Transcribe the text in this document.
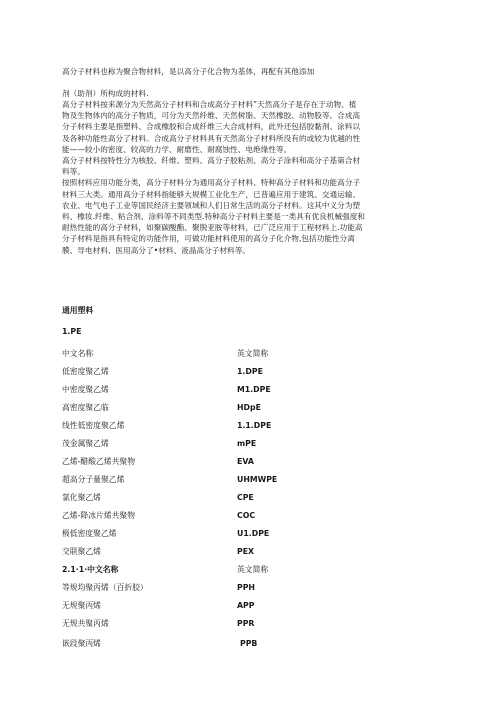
高分子材料也称为聚合物材料，是以高分子化合物为基体，再配有其他添加
剂（助剂）所构成的材料.

高分子材料按来源分为天然高分子材料和合成高分子材料”天然高分子是存在于动物、植
物及生物体内的高分子物质，可分为天然纤维、天然树脂、天然橡胶、动物股等。合成高
分子材料主要是指塑料、合成橡胶和合成纤维三大合成材料，此外还包括胶黏剂、涂料以
及各种功能性高分了材料。合成高分子材料具有天然高分子材料所没有的或较为优越的性
能——较小的密度、较高的力学、耐磨性、耐腐蚀性、电绝缘性等。
高分子材料按特性分为核胶、纤维、塑料、高分子胶粘剂、高分子涂料和高分子基第合材
料等。
按照材料应用功能分类，高分子材料分为通用高分子材料、特种高分子材料和功能高分子
材料三大类。通用高分子材料指能够大规模工业化生产，已普遍应用于建筑、交通运输、
农业、电气电子工业等国民经济主要领域和人们日常生活的高分子材料。这其中义分为塑
料、橡妆.纤维、粘合剂、涂料等不同类型.特种高分子材料主要是一类具有优良机械强度和
耐热性能的高分子材料，如聚碳酸酯、聚脱亚胺等材料，已广泛应用于工程材料上.功能高
分子材料是指具有特定的功能作用，可做功能材料使用的高分子化介物,包括功能性分离
膜、导电材料、医用高分了•材料、液晶高分子材料等。

通用塑料
1.PE
中文名称	英文简称
低密度聚乙烯	1.DPE
中密度聚乙烯	M1.DPE
高密度聚乙临	HDpE
线性低密度聚乙烯	1.1.DPE
茂金属聚乙烯	mPE
乙烯-醋酸乙烯共聚物	EVA
超高分子量聚乙烯	UHMWPE
氯化聚乙烯	CPE
乙烯-降冰片烯共聚物	COC
极低密度聚乙烯	U1.DPE
交联聚乙烯	PEX
2.1·1·中文名称	英文简称
等规均聚丙烯（百折胶）	PPH
无规聚丙烯	APP
无规共聚丙烯	PPR
嵌段聚丙烯	PPB
